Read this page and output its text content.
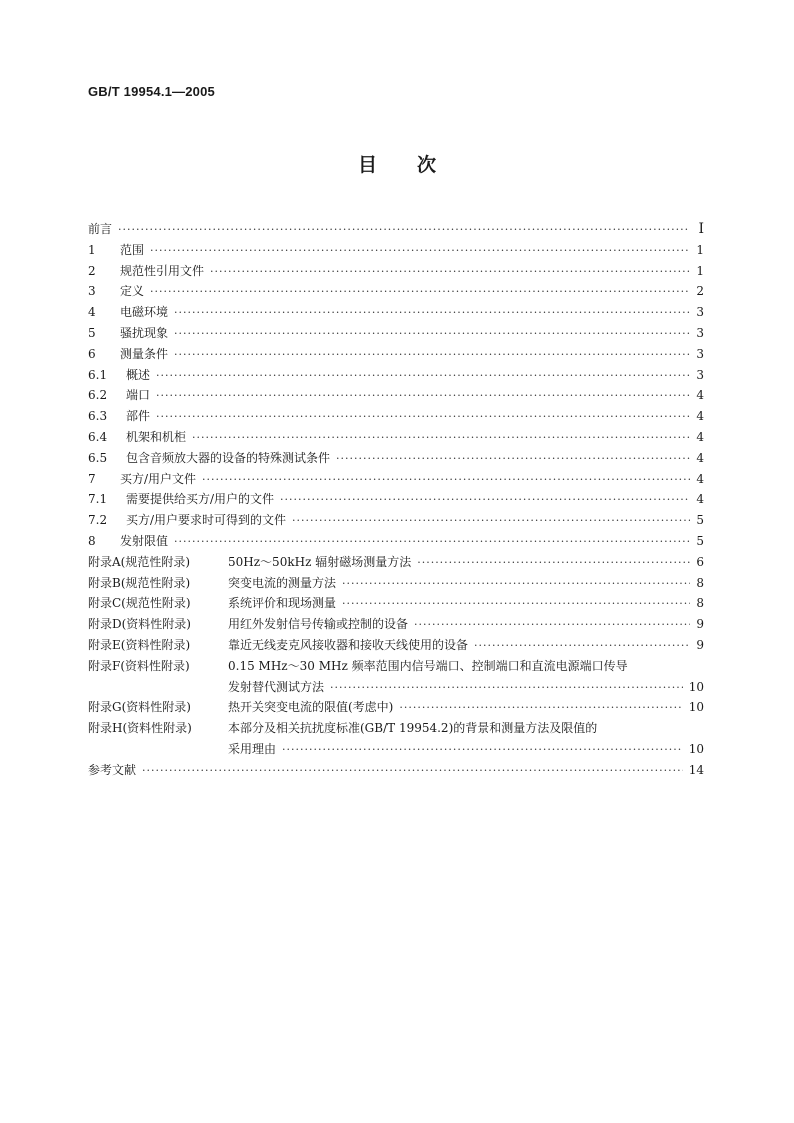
GB/T 19954.1—2005
目次
前言 ·····	I
1	范围 ·····	1
2	规范性引用文件 ·····	1
3	定义 ·····	2
4	电磁环境 ·····	3
5	骚扰现象 ·····	3
6	测量条件 ·····	3
6.1	概述 ·····	3
6.2	端口 ·····	4
6.3	部件 ·····	4
6.4	机架和机柜 ·····	4
6.5	包含音频放大器的设备的特殊测试条件 ·····	4
7	买方/用户文件 ·····	4
7.1	需要提供给买方/用户的文件 ·····	4
7.2	买方/用户要求时可得到的文件 ·····	5
8	发射限值 ·····	5
附录A(规范性附录)	50Hz～50kHz 辐射磁场测量方法 ·····	6
附录B(规范性附录)	突变电流的测量方法 ·····	8
附录C(规范性附录)	系统评价和现场测量 ·····	8
附录D(资料性附录)	用红外发射信号传输或控制的设备 ·····	9
附录E(资料性附录)	靠近无线麦克风接收器和接收天线使用的设备 ·····	9
附录F(资料性附录)	0.15 MHz～30 MHz 频率范围内信号端口、控制端口和直流电源端口传导
发射替代测试方法 ·····	10
附录G(资料性附录)	热开关突变电流的限值(考虑中) ·····	10
附录H(资料性附录)	本部分及相关抗扰度标准(GB/T 19954.2)的背景和测量方法及限值的
采用理由 ·····	10
参考文献 ·····	14
